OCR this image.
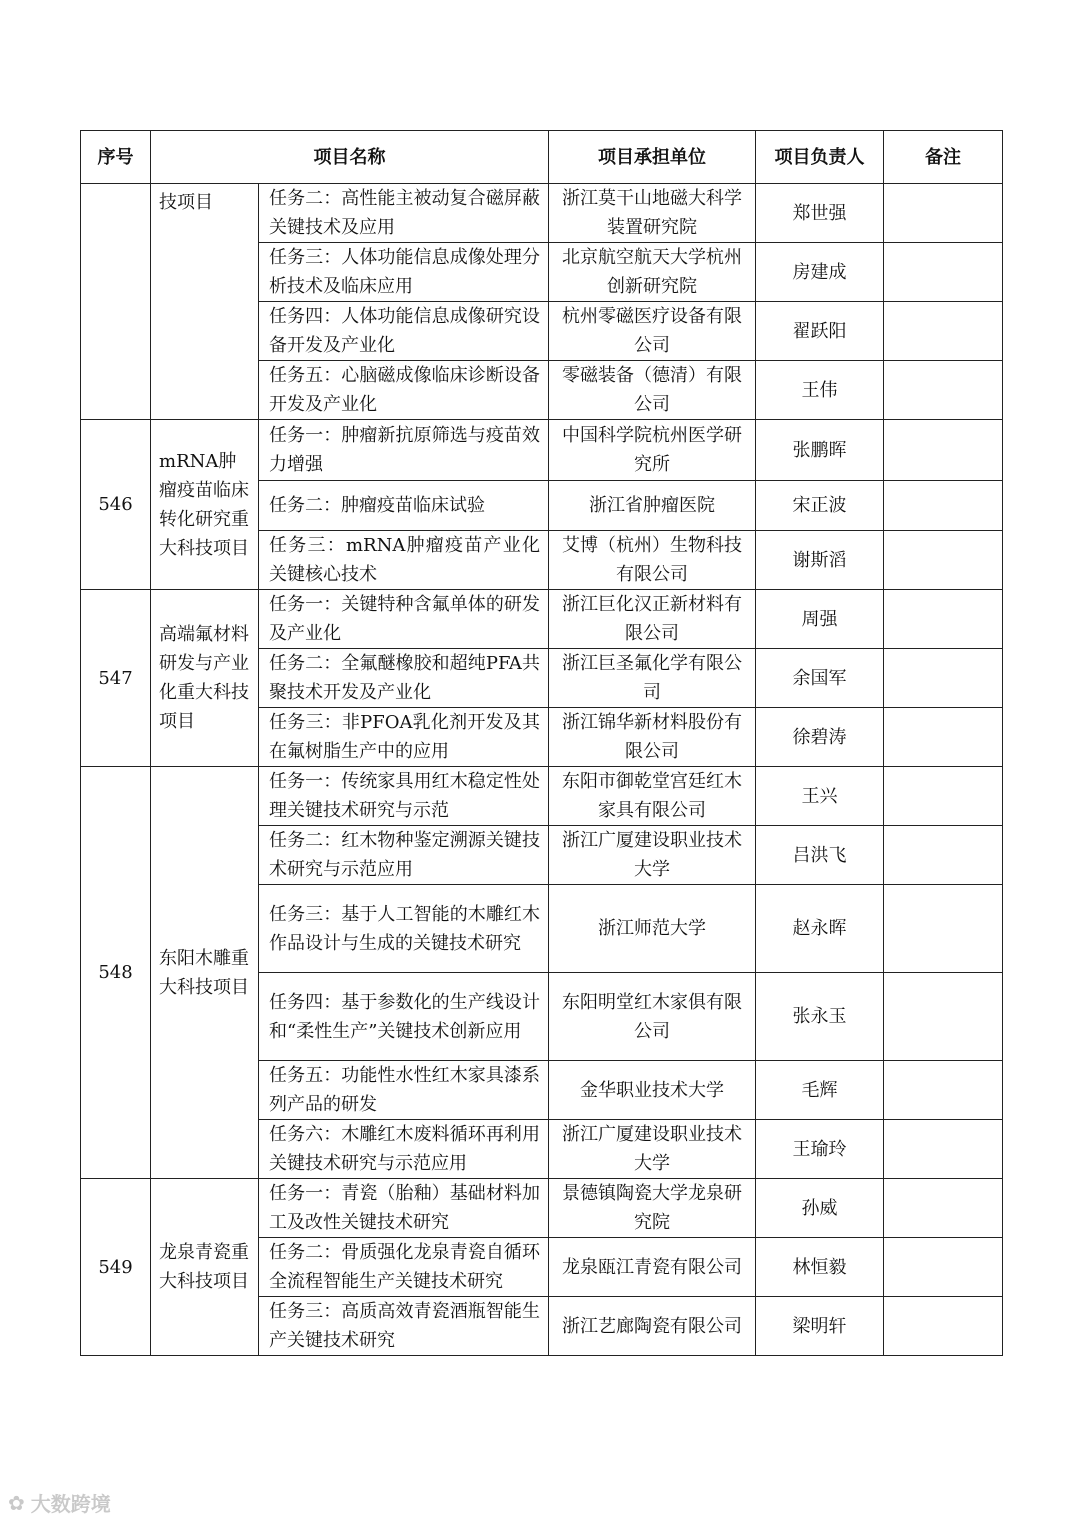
序号	项目名称		项目承担单位	项目负责人	备注
	技项目	任务二：高性能主被动复合磁屏蔽关键技术及应用	浙江莫干山地磁大科学装置研究院	郑世强	
		任务三：人体功能信息成像处理分析技术及临床应用	北京航空航天大学杭州创新研究院	房建成	
		任务四：人体功能信息成像研究设备开发及产业化	杭州零磁医疗设备有限公司	翟跃阳	
		任务五：心脑磁成像临床诊断设备开发及产业化	零磁装备（德清）有限公司	王伟	
546	mRNA肿瘤疫苗临床转化研究重大科技项目	任务一：肿瘤新抗原筛选与疫苗效力增强	中国科学院杭州医学研究所	张鹏晖	
		任务二：肿瘤疫苗临床试验	浙江省肿瘤医院	宋正波	
		任务三：mRNA肿瘤疫苗产业化关键核心技术	艾博（杭州）生物科技有限公司	谢斯滔	
547	高端氟材料研发与产业化重大科技项目	任务一：关键特种含氟单体的研发及产业化	浙江巨化汉正新材料有限公司	周强	
		任务二：全氟醚橡胶和超纯PFA共聚技术开发及产业化	浙江巨圣氟化学有限公司	余国军	
		任务三：非PFOA乳化剂开发及其在氟树脂生产中的应用	浙江锦华新材料股份有限公司	徐碧涛	
548	东阳木雕重大科技项目	任务一：传统家具用红木稳定性处理关键技术研究与示范	东阳市御乾堂宫廷红木家具有限公司	王兴	
		任务二：红木物种鉴定溯源关键技术研究与示范应用	浙江广厦建设职业技术大学	吕洪飞	
		任务三：基于人工智能的木雕红木作品设计与生成的关键技术研究	浙江师范大学	赵永晖	
		任务四：基于参数化的生产线设计和“柔性生产”关键技术创新应用	东阳明堂红木家俱有限公司	张永玉	
		任务五：功能性水性红木家具漆系列产品的研发	金华职业技术大学	毛辉	
		任务六：木雕红木废料循环再利用关键技术研究与示范应用	浙江广厦建设职业技术大学	王瑜玲	
549	龙泉青瓷重大科技项目	任务一：青瓷（胎釉）基础材料加工及改性关键技术研究	景德镇陶瓷大学龙泉研究院	孙威	
		任务二：骨质强化龙泉青瓷自循环全流程智能生产关键技术研究	龙泉瓯江青瓷有限公司	林恒毅	
		任务三：高质高效青瓷酒瓶智能生产关键技术研究	浙江艺廊陶瓷有限公司	梁明轩	
✿ 大数跨境
